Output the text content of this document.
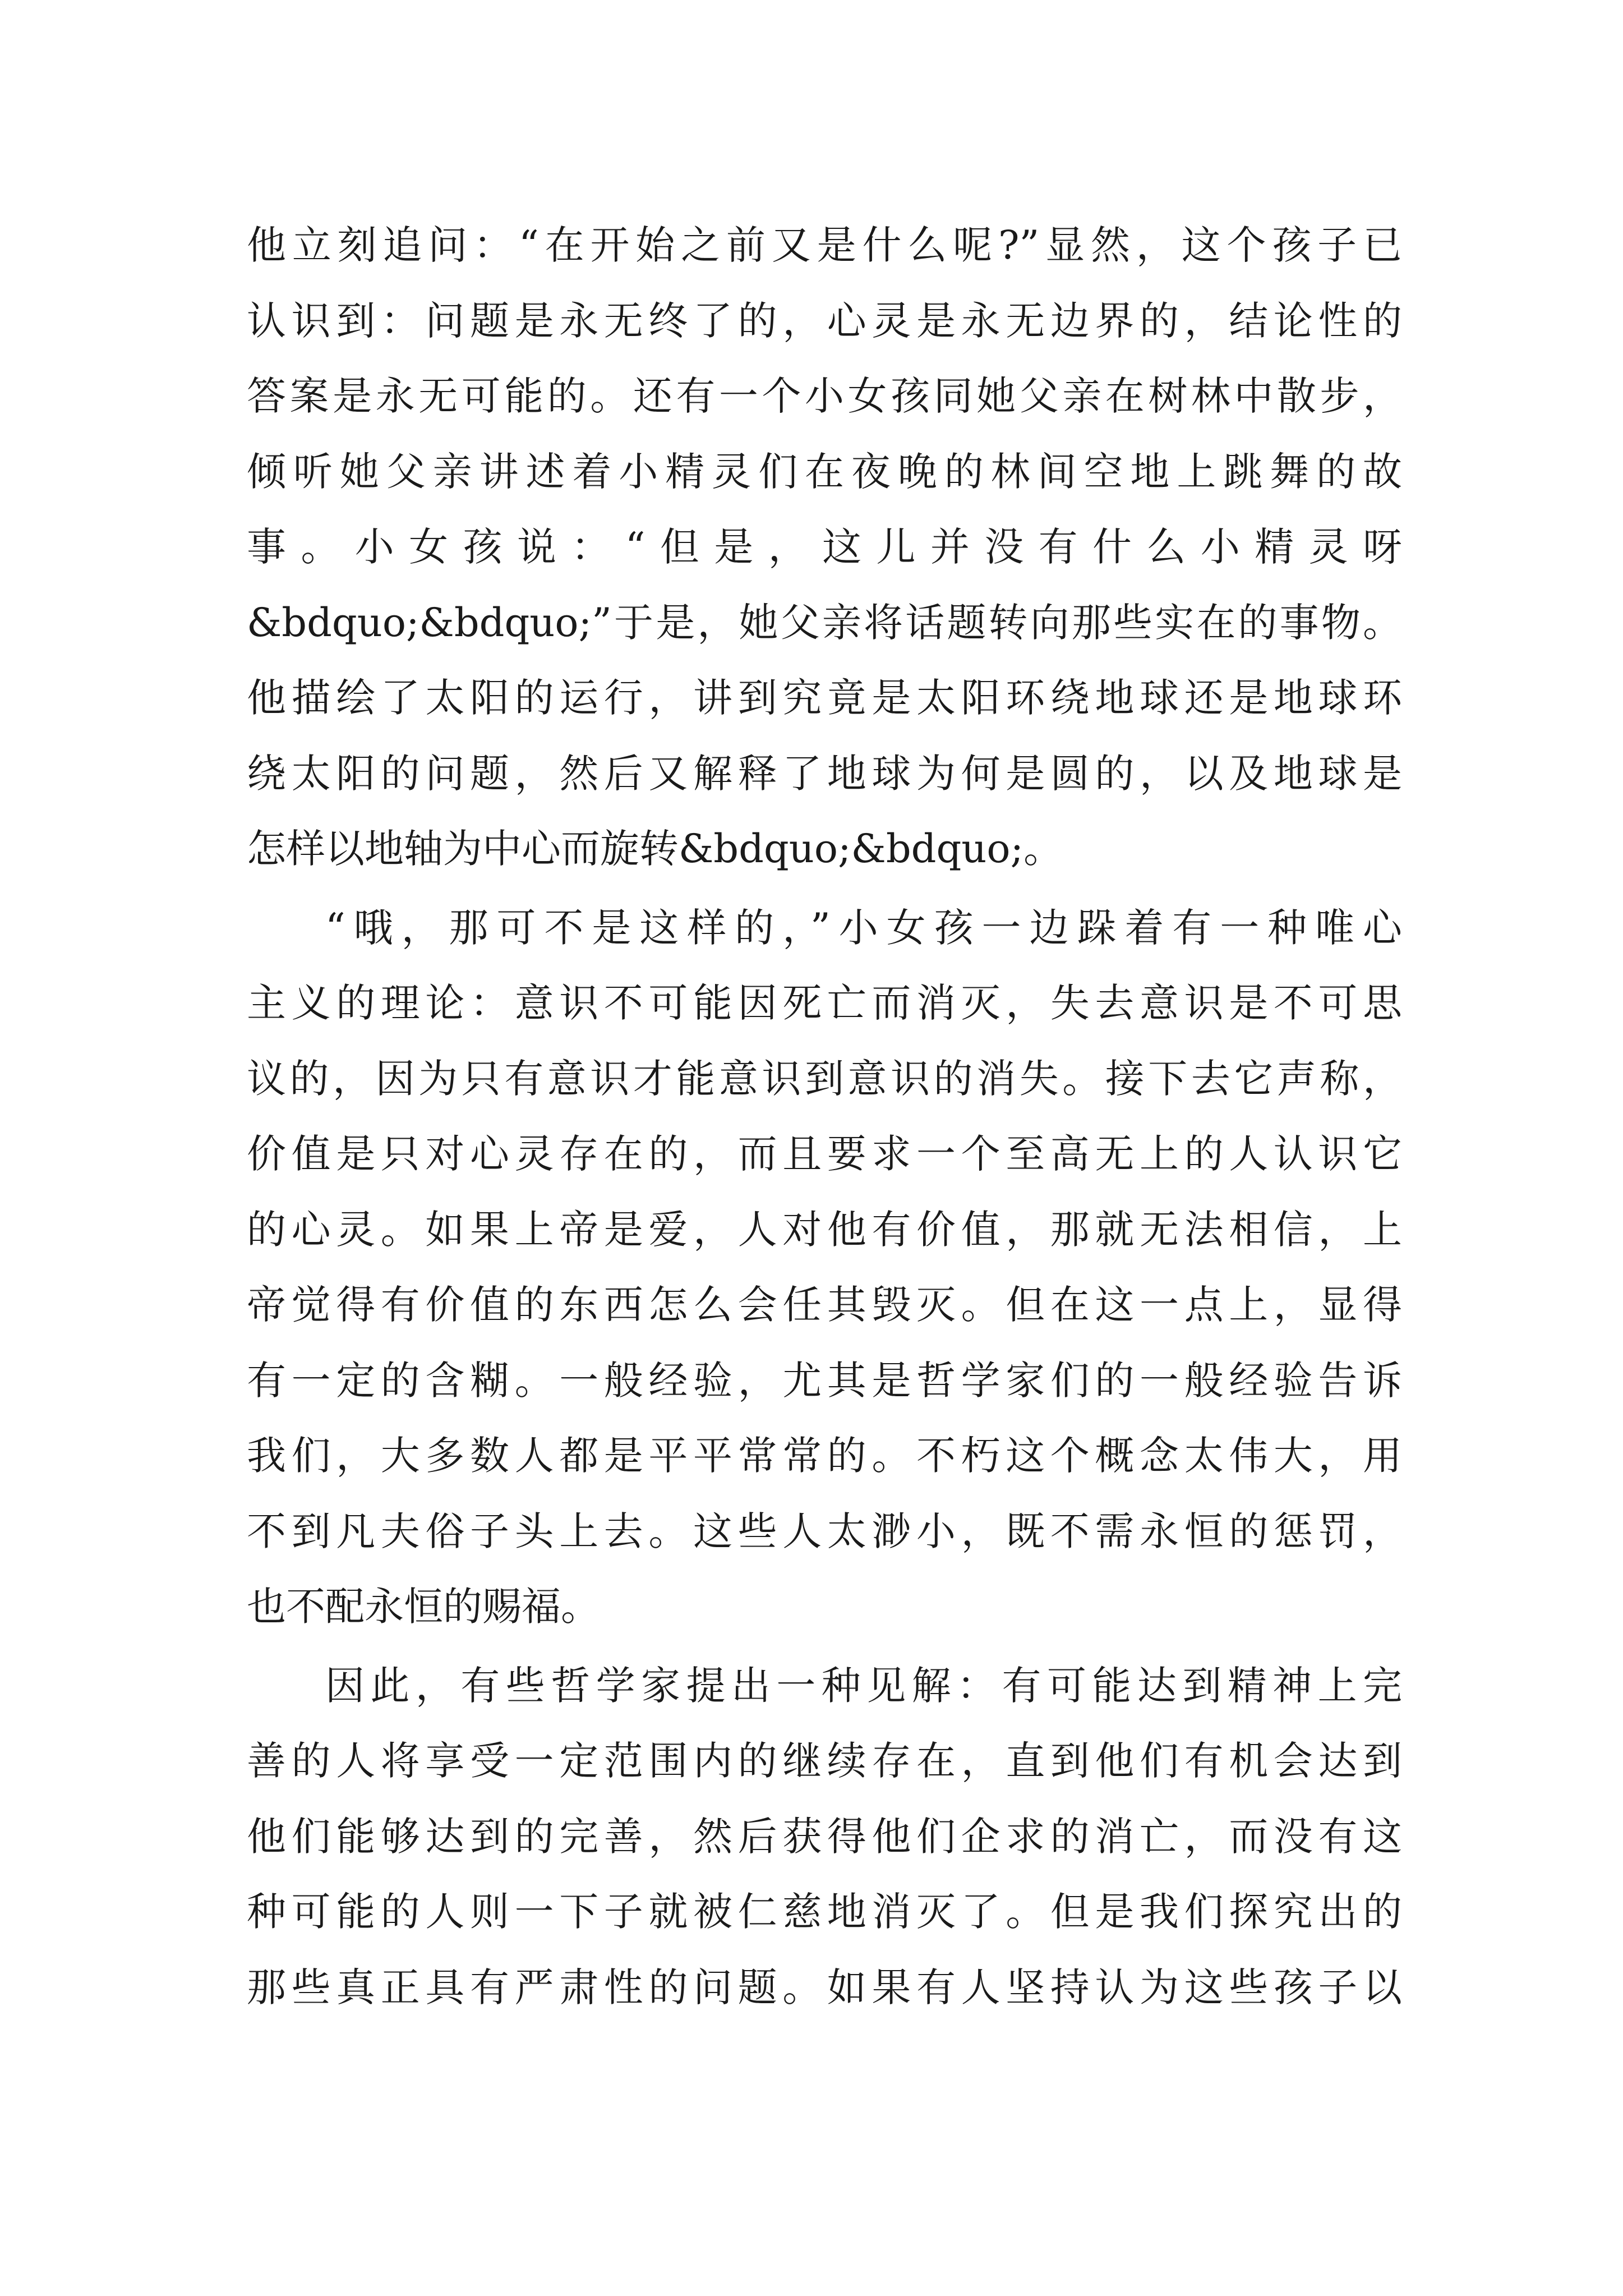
他立刻追问：“在开始之前又是什么呢?”显然，这个孩子已
认识到：问题是永无终了的，心灵是永无边界的，结论性的
答案是永无可能的。还有一个小女孩同她父亲在树林中散步，
倾听她父亲讲述着小精灵们在夜晚的林间空地上跳舞的故
事。小女孩说：“但是，这儿并没有什么小精灵呀
&bdquo;&bdquo;”于是，她父亲将话题转向那些实在的事物。
他描绘了太阳的运行，讲到究竟是太阳环绕地球还是地球环
绕太阳的问题，然后又解释了地球为何是圆的，以及地球是
怎样以地轴为中心而旋转&bdquo;&bdquo;。
“哦，那可不是这样的，”小女孩一边跺着有一种唯心
主义的理论：意识不可能因死亡而消灭，失去意识是不可思
议的，因为只有意识才能意识到意识的消失。接下去它声称，
价值是只对心灵存在的，而且要求一个至高无上的人认识它
的心灵。如果上帝是爱，人对他有价值，那就无法相信，上
帝觉得有价值的东西怎么会任其毁灭。但在这一点上，显得
有一定的含糊。一般经验，尤其是哲学家们的一般经验告诉
我们，大多数人都是平平常常的。不朽这个概念太伟大，用
不到凡夫俗子头上去。这些人太渺小，既不需永恒的惩罚，
也不配永恒的赐福。
因此，有些哲学家提出一种见解：有可能达到精神上完
善的人将享受一定范围内的继续存在，直到他们有机会达到
他们能够达到的完善，然后获得他们企求的消亡，而没有这
种可能的人则一下子就被仁慈地消灭了。但是我们探究出的
那些真正具有严肃性的问题。如果有人坚持认为这些孩子以
